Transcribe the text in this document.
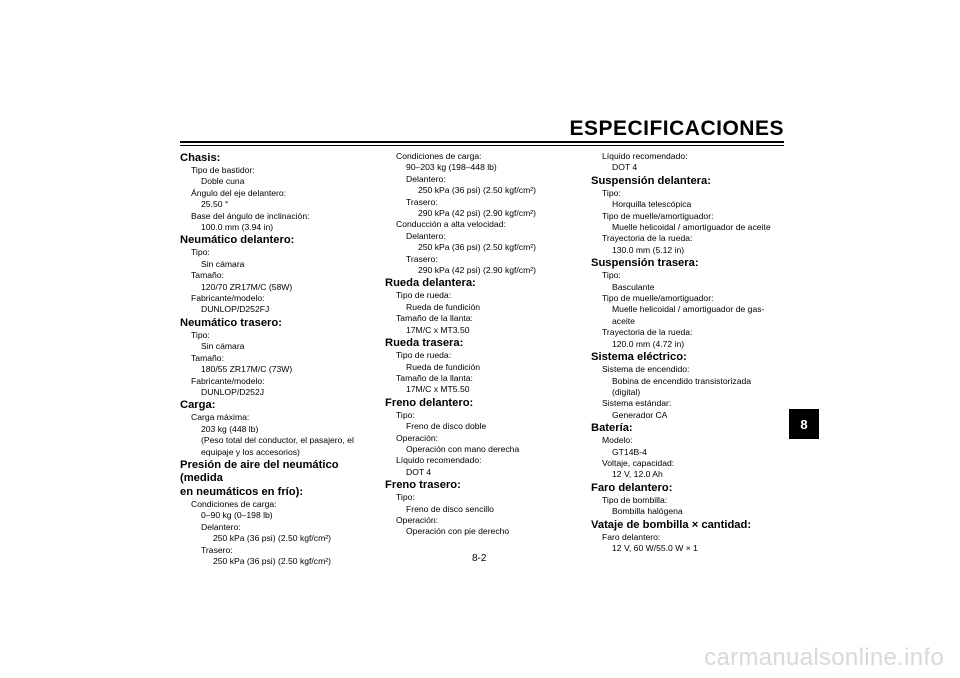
ESPECIFICACIONES
Chasis:
Tipo de bastidor:
Doble cuna
Ángulo del eje delantero:
25.50 °
Base del ángulo de inclinación:
100.0 mm (3.94 in)
Neumático delantero:
Tipo:
Sin cámara
Tamaño:
120/70 ZR17M/C (58W)
Fabricante/modelo:
DUNLOP/D252FJ
Neumático trasero:
Tipo:
Sin cámara
Tamaño:
180/55 ZR17M/C (73W)
Fabricante/modelo:
DUNLOP/D252J
Carga:
Carga máxima:
203 kg (448 lb)
(Peso total del conductor, el pasajero, el
equipaje y los accesorios)
Presión de aire del neumático (medida
en neumáticos en frío):
Condiciones de carga:
0–90 kg (0–198 lb)
Delantero:
250 kPa (36 psi) (2.50 kgf/cm²)
Trasero:
250 kPa (36 psi) (2.50 kgf/cm²)
Condiciones de carga:
90–203 kg (198–448 lb)
Delantero:
250 kPa (36 psi) (2.50 kgf/cm²)
Trasero:
290 kPa (42 psi) (2.90 kgf/cm²)
Conducción a alta velocidad:
Delantero:
250 kPa (36 psi) (2.50 kgf/cm²)
Trasero:
290 kPa (42 psi) (2.90 kgf/cm²)
Rueda delantera:
Tipo de rueda:
Rueda de fundición
Tamaño de la llanta:
17M/C x MT3.50
Rueda trasera:
Tipo de rueda:
Rueda de fundición
Tamaño de la llanta:
17M/C x MT5.50
Freno delantero:
Tipo:
Freno de disco doble
Operación:
Operación con mano derecha
Líquido recomendado:
DOT 4
Freno trasero:
Tipo:
Freno de disco sencillo
Operación:
Operación con pie derecho
Líquido recomendado:
DOT 4
Suspensión delantera:
Tipo:
Horquilla telescópica
Tipo de muelle/amortiguador:
Muelle helicoidal / amortiguador de aceite
Trayectoria de la rueda:
130.0 mm (5.12 in)
Suspensión trasera:
Tipo:
Basculante
Tipo de muelle/amortiguador:
Muelle helicoidal / amortiguador de gas-
aceite
Trayectoria de la rueda:
120.0 mm (4.72 in)
Sistema eléctrico:
Sistema de encendido:
Bobina de encendido transistorizada
(digital)
Sistema estándar:
Generador CA
Batería:
Modelo:
GT14B-4
Voltaje, capacidad:
12 V, 12.0 Ah
Faro delantero:
Tipo de bombilla:
Bombilla halógena
Vataje de bombilla × cantidad:
Faro delantero:
12 V, 60 W/55.0 W × 1
8
8-2
carmanualsonline.info
